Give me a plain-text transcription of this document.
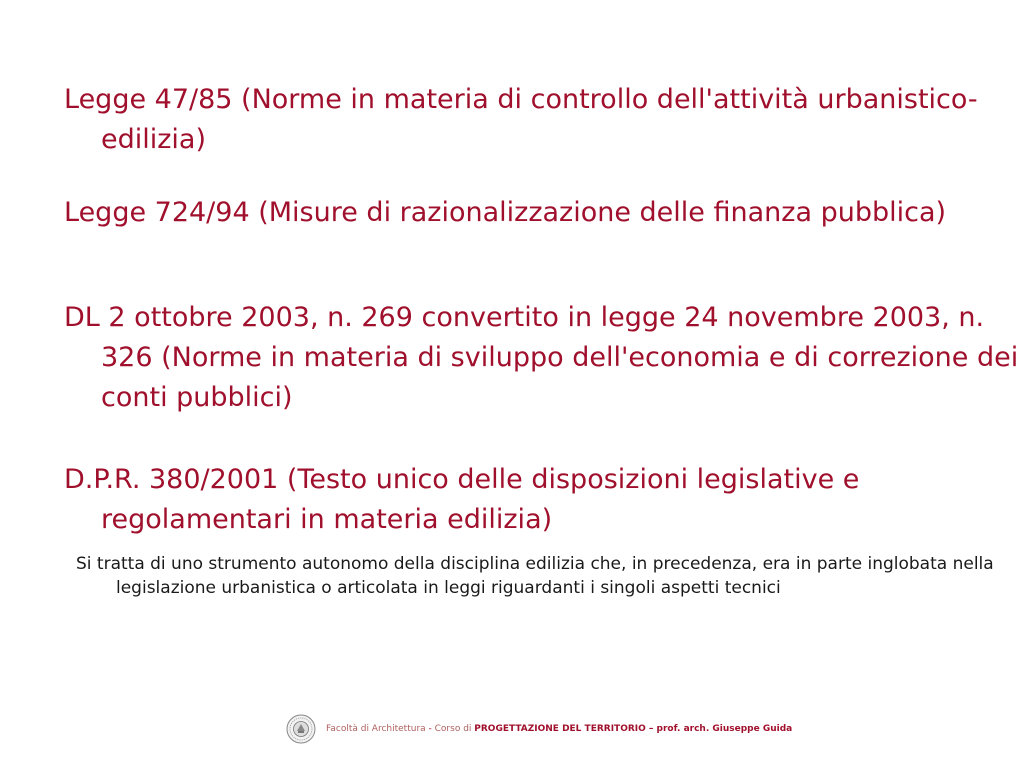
Legge 47/85 (Norme in materia di controllo dell'attività urbanistico-edilizia)

Legge 724/94 (Misure di razionalizzazione delle finanza pubblica)

DL 2 ottobre 2003, n. 269 convertito in legge 24 novembre 2003, n. 326 (Norme in materia di sviluppo dell'economia e di correzione dei conti pubblici)

D.P.R. 380/2001 (Testo unico delle disposizioni legislative e regolamentari in materia edilizia)

Si tratta di uno strumento autonomo della disciplina edilizia che, in precedenza, era in parte inglobata nella legislazione urbanistica o articolata in leggi riguardanti i singoli aspetti tecnici

Facoltà di Architettura - Corso di PROGETTAZIONE DEL TERRITORIO – prof. arch. Giuseppe Guida
